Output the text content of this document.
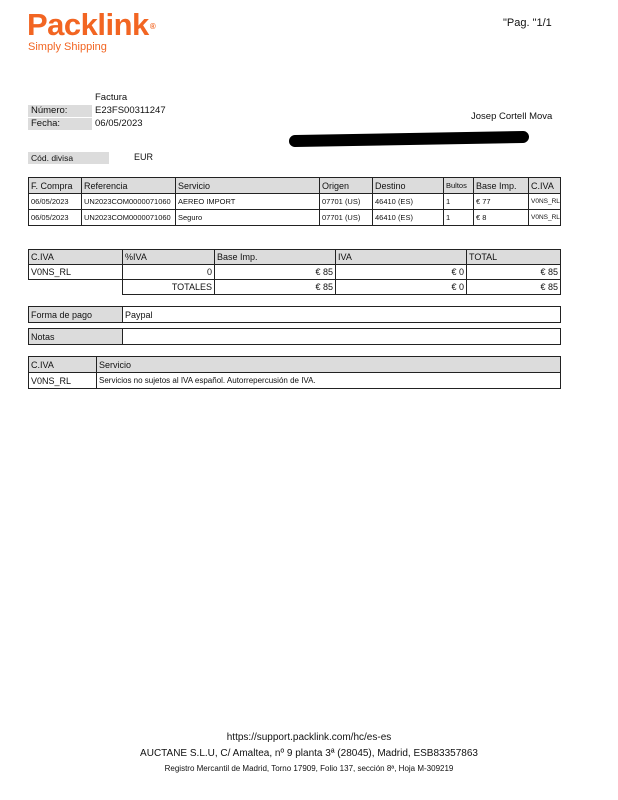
Packlink®
Simply Shipping
"Pag. "1/1
Factura
Número:	E23FS00311247
Fecha:	06/05/2023
Josep Cortell Mova
Cód. divisa	EUR
F. Compra	Referencia	Servicio	Origen	Destino	Bultos	Base Imp.	C.IVA
06/05/2023	UN2023COM0000071060	AEREO IMPORT	07701 (US)	46410 (ES)	1	€ 77	V0NS_RL
06/05/2023	UN2023COM0000071060	Seguro	07701 (US)	46410 (ES)	1	€ 8	V0NS_RL
C.IVA	%IVA	Base Imp.	IVA	TOTAL
V0NS_RL	0	€ 85	€ 0	€ 85
	TOTALES	€ 85	€ 0	€ 85
Forma de pago	Paypal
Notas	
C.IVA	Servicio
V0NS_RL	Servicios no sujetos al IVA español. Autorrepercusión de IVA.
https://support.packlink.com/hc/es-es
AUCTANE S.L.U, C/ Amaltea, nº 9 planta 3ª (28045), Madrid, ESB83357863
Registro Mercantil de Madrid, Torno 17909, Folio 137, sección 8ª, Hoja M-309219
